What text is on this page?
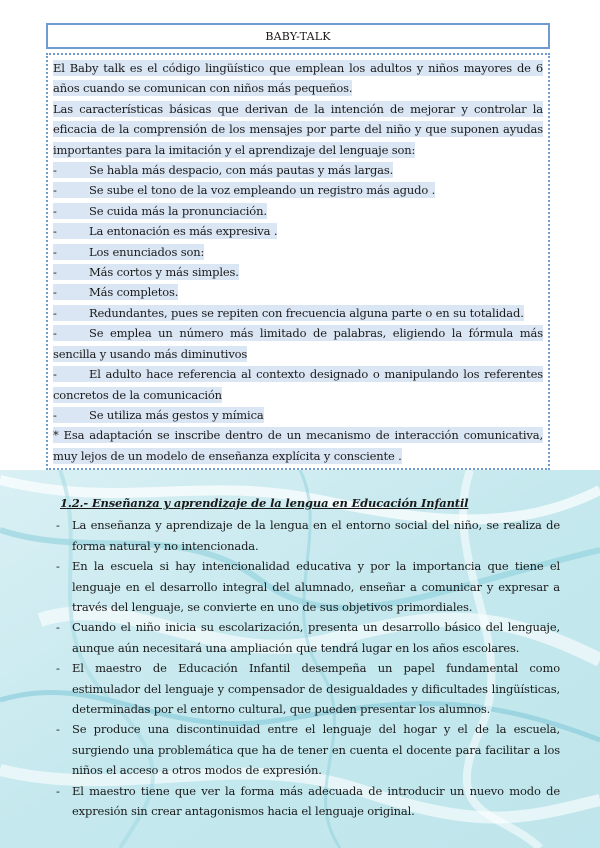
BABY-TALK

El Baby talk es el código lingüístico que emplean los adultos y niños mayores de 6 años cuando se comunican con niños más pequeños.

Las características básicas que derivan de la intención de mejorar y controlar la eficacia de la comprensión de los mensajes por parte del niño y que suponen ayudas importantes para la imitación y el aprendizaje del lenguaje son:

-	Se habla más despacio, con más pautas y más largas.
-	Se sube el tono de la voz empleando un registro más agudo .
-	Se cuida más la pronunciación.
-	La entonación es más expresiva .
-	Los enunciados son:
-	Más cortos y más simples.
-	Más completos.
-	Redundantes, pues se repiten con frecuencia alguna parte o en su totalidad.
-	Se emplea un número más limitado de palabras, eligiendo la fórmula más sencilla y usando más diminutivos
-	El adulto hace referencia al contexto designado o manipulando los referentes concretos de la comunicación
-	Se utiliza más gestos y mímica

* Esa adaptación se inscribe dentro de un mecanismo de interacción comunicativa, muy lejos de un modelo de enseñanza explícita y consciente .

1.2.- Enseñanza y aprendizaje de la lengua en Educación Infantil

- La enseñanza y aprendizaje de la lengua en el entorno social del niño, se realiza de forma natural y no intencionada.
- En la escuela si hay intencionalidad educativa y por la importancia que tiene el lenguaje en el desarrollo integral del alumnado, enseñar a comunicar y expresar a través del lenguaje, se convierte en uno de sus objetivos primordiales.
- Cuando el niño inicia su escolarización, presenta un desarrollo básico del lenguaje, aunque aún necesitará una ampliación que tendrá lugar en los años escolares.
- El maestro de Educación Infantil desempeña un papel fundamental como estimulador del lenguaje y compensador de desigualdades y dificultades lingüísticas, determinadas por el entorno cultural, que pueden presentar los alumnos.
- Se produce una discontinuidad entre el lenguaje del hogar y el de la escuela, surgiendo una problemática que ha de tener en cuenta el docente para facilitar a los niños el acceso a otros modos de expresión.
- El maestro tiene que ver la forma más adecuada de introducir un nuevo modo de expresión sin crear antagonismos hacia el lenguaje original.
